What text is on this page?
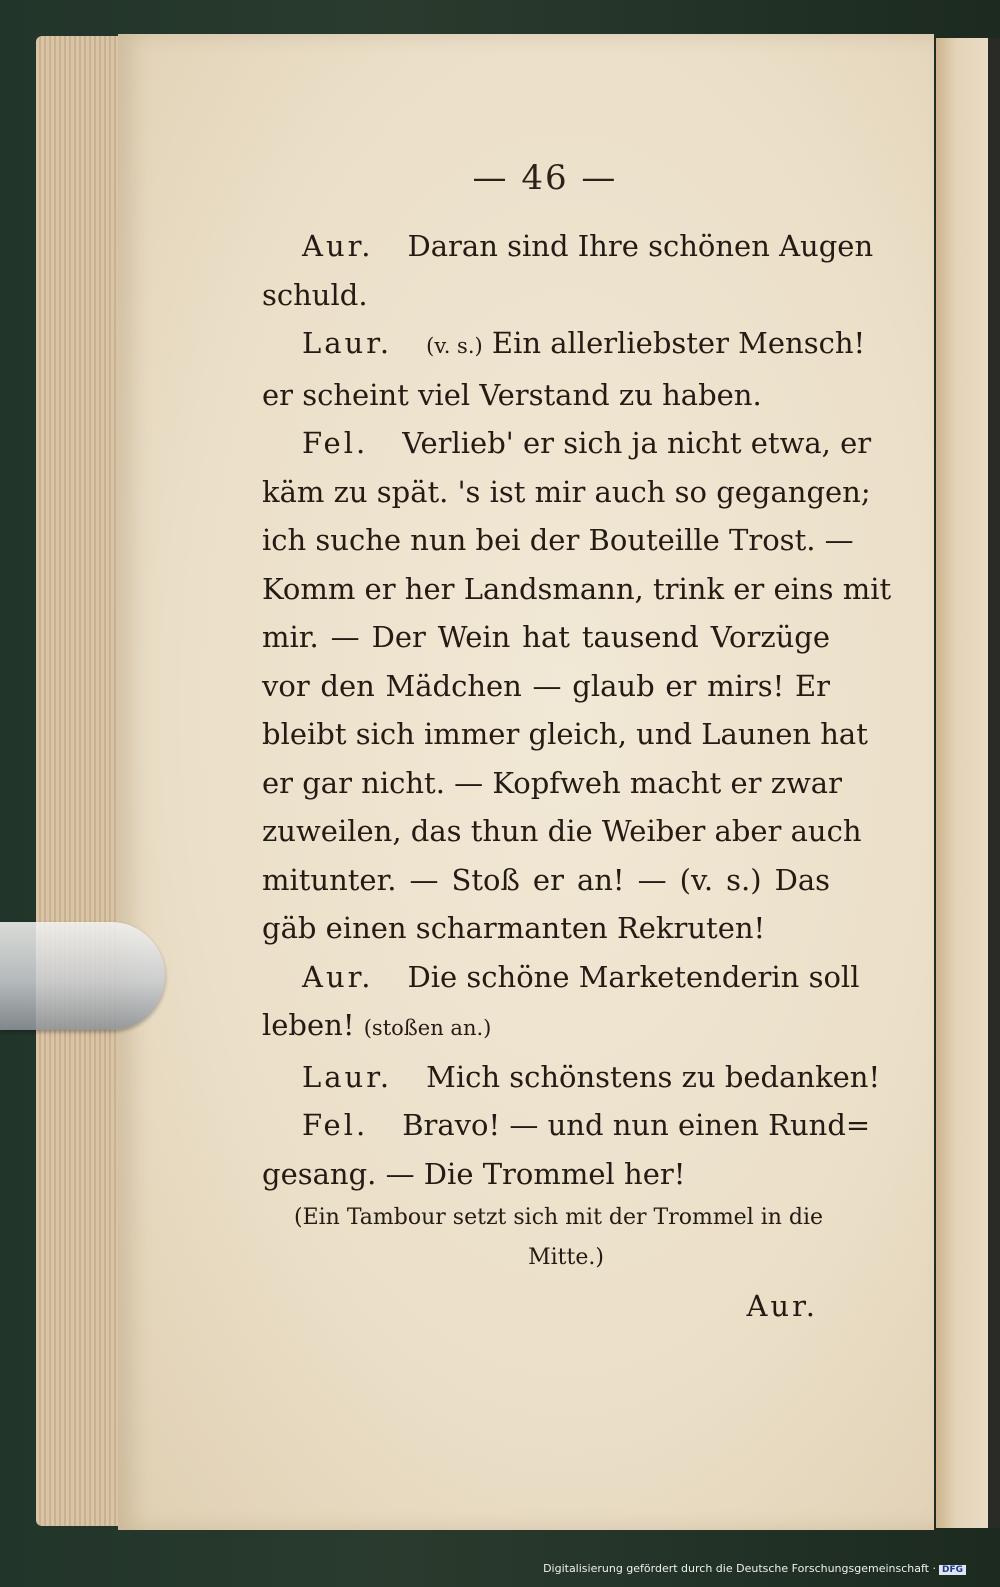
— 46 —
Aur. Daran sind Ihre schönen Augen
schuld.
Laur. (v. s.) Ein allerliebster Mensch!
er scheint viel Verstand zu haben.
Fel. Verlieb' er sich ja nicht etwa, er
käm zu spät. 's ist mir auch so gegangen;
ich suche nun bei der Bouteille Trost. —
Komm er her Landsmann, trink er eins mit
mir. — Der Wein hat tausend Vorzüge
vor den Mädchen — glaub er mirs! Er
bleibt sich immer gleich, und Launen hat
er gar nicht. — Kopfweh macht er zwar
zuweilen, das thun die Weiber aber auch
mitunter. — Stoß er an! — (v. s.) Das
gäb einen scharmanten Rekruten!
Aur. Die schöne Marketenderin soll
leben! (stoßen an.)
Laur. Mich schönstens zu bedanken!
Fel. Bravo! — und nun einen Rund=
gesang. — Die Trommel her!
(Ein Tambour setzt sich mit der Trommel in die
Mitte.)
Aur.
Digitalisierung gefördert durch die Deutsche Forschungsgemeinschaft · DFG
